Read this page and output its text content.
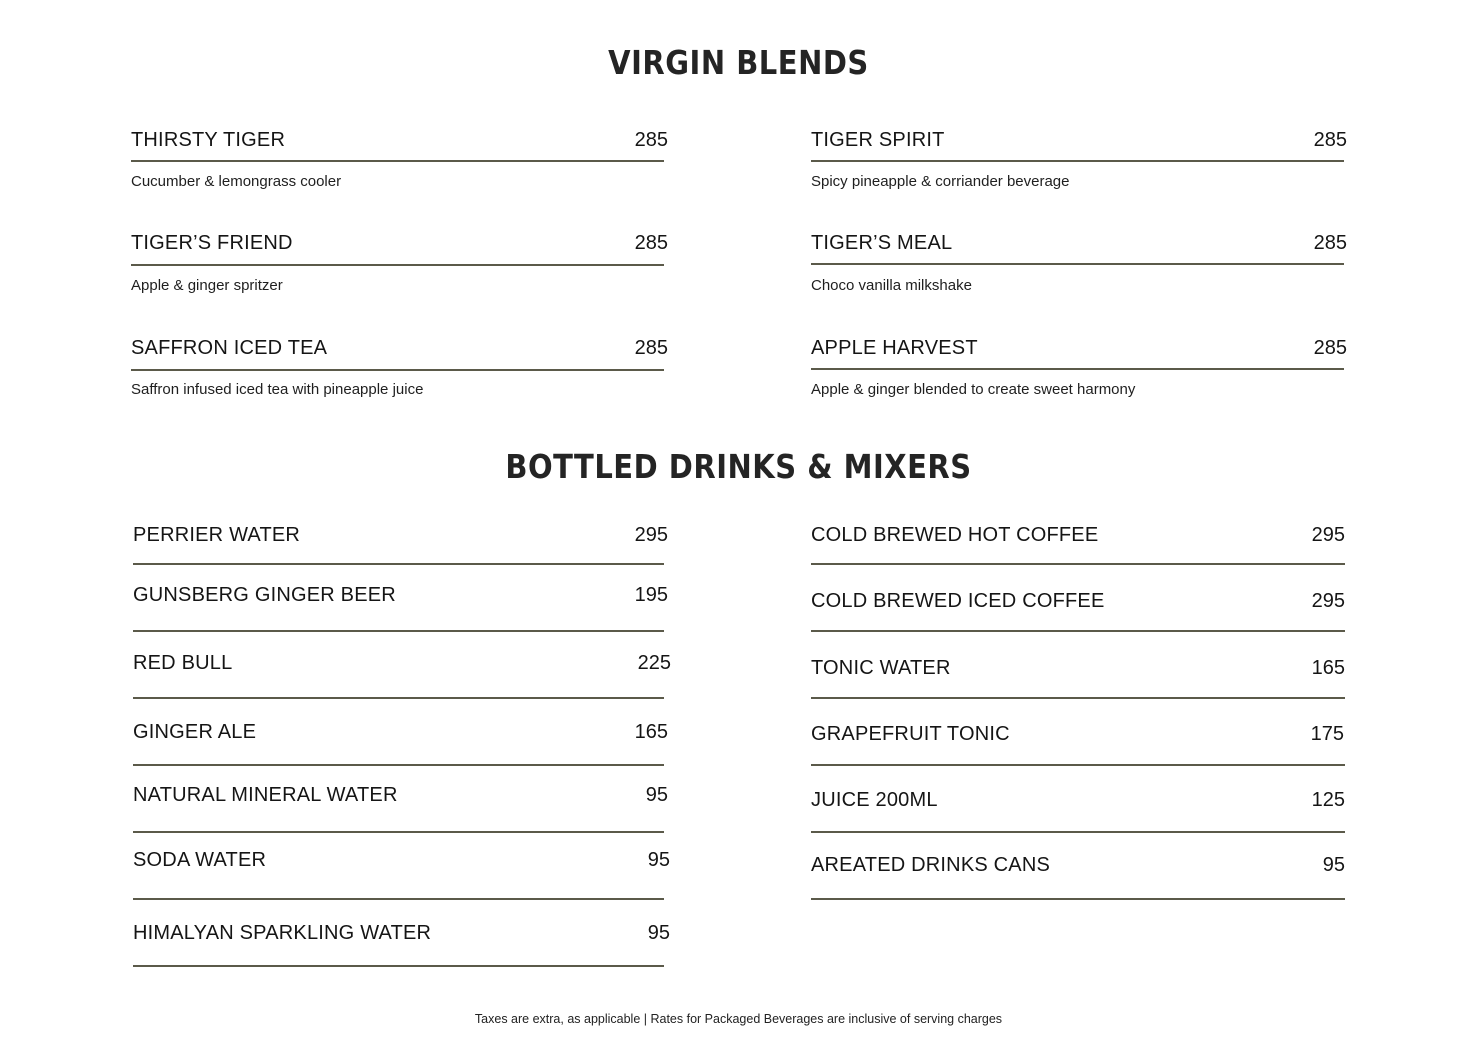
VIRGIN BLENDS
THIRSTY TIGER	285
Cucumber & lemongrass cooler
TIGER’S FRIEND	285
Apple & ginger spritzer
SAFFRON ICED TEA	285
Saffron infused iced tea with pineapple juice
TIGER SPIRIT	285
Spicy pineapple & corriander beverage
TIGER’S MEAL	285
Choco vanilla milkshake
APPLE HARVEST	285
Apple & ginger blended to create sweet harmony
BOTTLED DRINKS & MIXERS
PERRIER WATER	295
GUNSBERG GINGER BEER	195
RED BULL	225
GINGER ALE	165
NATURAL MINERAL WATER	95
SODA WATER	95
HIMALYAN SPARKLING WATER	95
COLD BREWED HOT COFFEE	295
COLD BREWED ICED COFFEE	295
TONIC WATER	165
GRAPEFRUIT TONIC	175
JUICE 200ML	125
AREATED DRINKS CANS	95
Taxes are extra, as applicable | Rates for Packaged Beverages are inclusive of serving charges
